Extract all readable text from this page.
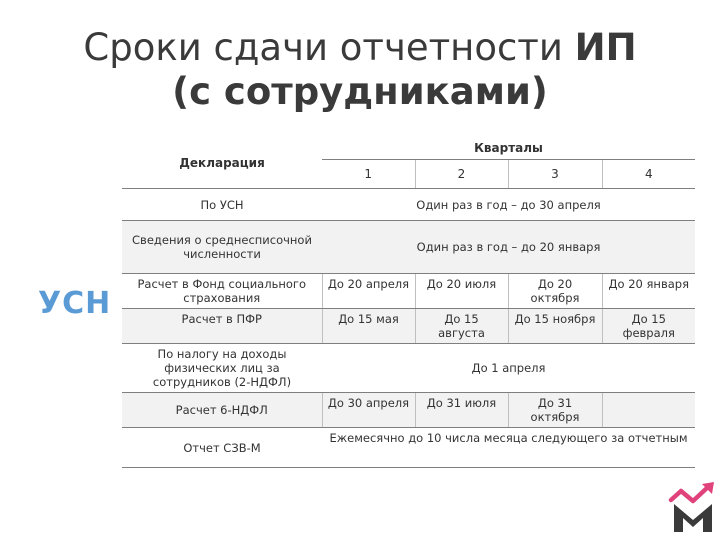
Сроки сдачи отчетности ИП
(с сотрудниками)
УСН
Декларация	Кварталы			
	1	2	3	4
По УСН	Один раз в год – до 30 апреля			
Сведения о среднесписочной численности	Один раз в год – до 20 января			
Расчет в Фонд социального страхования	До 20 апреля	До 20 июля	До 20 октября	До 20 января
Расчет в ПФР	До 15 мая	До 15 августа	До 15 ноября	До 15 февраля
По налогу на доходы физических лиц за сотрудников (2-НДФЛ)	До 1 апреля			
Расчет 6-НДФЛ	До 30 апреля	До 31 июля	До 31 октября	
Отчет СЗВ-М	Ежемесячно до 10 числа месяца следующего за отчетным			
